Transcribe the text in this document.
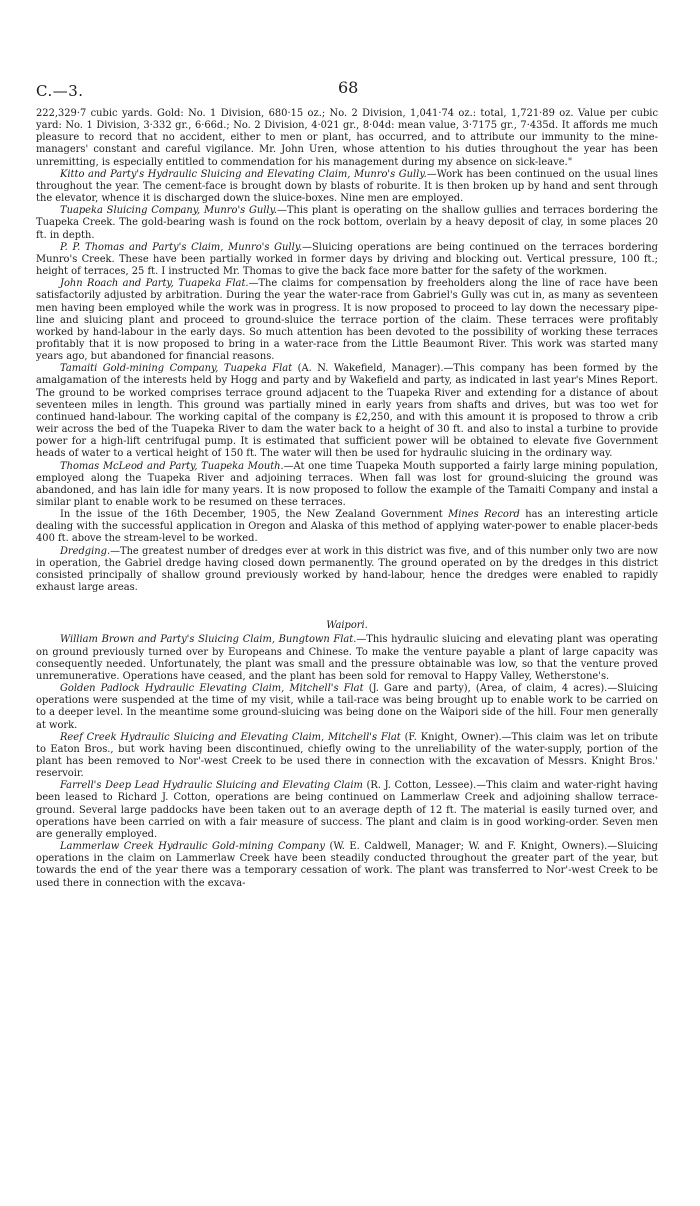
C.—3.	68

222,329·7 cubic yards. Gold: No. 1 Division, 680·15 oz.; No. 2 Division, 1,041·74 oz.: total, 1,721·89 oz. Value per cubic yard: No. 1 Division, 3·332 gr., 6·66d.; No. 2 Division, 4·021 gr., 8·04d: mean value, 3·7175 gr., 7·435d. It affords me much pleasure to record that no accident, either to men or plant, has occurred, and to attribute our immunity to the mine-managers' constant and careful vigilance. Mr. John Uren, whose attention to his duties throughout the year has been unremitting, is especially entitled to commendation for his management during my absence on sick-leave."

Kitto and Party's Hydraulic Sluicing and Elevating Claim, Munro's Gully.—Work has been continued on the usual lines throughout the year. The cement-face is brought down by blasts of roburite. It is then broken up by hand and sent through the elevator, whence it is discharged down the sluice-boxes. Nine men are employed.

Tuapeka Sluicing Company, Munro's Gully.—This plant is operating on the shallow gullies and terraces bordering the Tuapeka Creek. The gold-bearing wash is found on the rock bottom, overlain by a heavy deposit of clay, in some places 20 ft. in depth.

P. P. Thomas and Party's Claim, Munro's Gully.—Sluicing operations are being continued on the terraces bordering Munro's Creek. These have been partially worked in former days by driving and blocking out. Vertical pressure, 100 ft.; height of terraces, 25 ft. I instructed Mr. Thomas to give the back face more batter for the safety of the workmen.

John Roach and Party, Tuapeka Flat.—The claims for compensation by freeholders along the line of race have been satisfactorily adjusted by arbitration. During the year the water-race from Gabriel's Gully was cut in, as many as seventeen men having been employed while the work was in progress. It is now proposed to proceed to lay down the necessary pipe-line and sluicing plant and proceed to ground-sluice the terrace portion of the claim. These terraces were profitably worked by hand-labour in the early days. So much attention has been devoted to the possibility of working these terraces profitably that it is now proposed to bring in a water-race from the Little Beaumont River. This work was started many years ago, but abandoned for financial reasons.

Tamaiti Gold-mining Company, Tuapeka Flat (A. N. Wakefield, Manager).—This company has been formed by the amalgamation of the interests held by Hogg and party and by Wakefield and party, as indicated in last year's Mines Report. The ground to be worked comprises terrace ground adjacent to the Tuapeka River and extending for a distance of about seventeen miles in length. This ground was partially mined in early years from shafts and drives, but was too wet for continued hand-labour. The working capital of the company is £2,250, and with this amount it is proposed to throw a crib weir across the bed of the Tuapeka River to dam the water back to a height of 30 ft. and also to instal a turbine to provide power for a high-lift centrifugal pump. It is estimated that sufficient power will be obtained to elevate five Government heads of water to a vertical height of 150 ft. The water will then be used for hydraulic sluicing in the ordinary way.

Thomas McLeod and Party, Tuapeka Mouth.—At one time Tuapeka Mouth supported a fairly large mining population, employed along the Tuapeka River and adjoining terraces. When fall was lost for ground-sluicing the ground was abandoned, and has lain idle for many years. It is now proposed to follow the example of the Tamaiti Company and instal a similar plant to enable work to be resumed on these terraces.

In the issue of the 16th December, 1905, the New Zealand Government Mines Record has an interesting article dealing with the successful application in Oregon and Alaska of this method of applying water-power to enable placer-beds 400 ft. above the stream-level to be worked.

Dredging.—The greatest number of dredges ever at work in this district was five, and of this number only two are now in operation, the Gabriel dredge having closed down permanently. The ground operated on by the dredges in this district consisted principally of shallow ground previously worked by hand-labour, hence the dredges were enabled to rapidly exhaust large areas.

Waipori.

William Brown and Party's Sluicing Claim, Bungtown Flat.—This hydraulic sluicing and elevating plant was operating on ground previously turned over by Europeans and Chinese. To make the venture payable a plant of large capacity was consequently needed. Unfortunately, the plant was small and the pressure obtainable was low, so that the venture proved unremunerative. Operations have ceased, and the plant has been sold for removal to Happy Valley, Wetherstone's.

Golden Padlock Hydraulic Elevating Claim, Mitchell's Flat (J. Gare and party), (Area, of claim, 4 acres).—Sluicing operations were suspended at the time of my visit, while a tail-race was being brought up to enable work to be carried on to a deeper level. In the meantime some ground-sluicing was being done on the Waipori side of the hill. Four men generally at work.

Reef Creek Hydraulic Sluicing and Elevating Claim, Mitchell's Flat (F. Knight, Owner).—This claim was let on tribute to Eaton Bros., but work having been discontinued, chiefly owing to the unreliability of the water-supply, portion of the plant has been removed to Nor'-west Creek to be used there in connection with the excavation of Messrs. Knight Bros.' reservoir.

Farrell's Deep Lead Hydraulic Sluicing and Elevating Claim (R. J. Cotton, Lessee).—This claim and water-right having been leased to Richard J. Cotton, operations are being continued on Lammerlaw Creek and adjoining shallow terrace-ground. Several large paddocks have been taken out to an average depth of 12 ft. The material is easily turned over, and operations have been carried on with a fair measure of success. The plant and claim is in good working-order. Seven men are generally employed.

Lammerlaw Creek Hydraulic Gold-mining Company (W. E. Caldwell, Manager; W. and F. Knight, Owners).—Sluicing operations in the claim on Lammerlaw Creek have been steadily conducted throughout the greater part of the year, but towards the end of the year there was a temporary cessation of work. The plant was transferred to Nor'-west Creek to be used there in connection with the excava-
